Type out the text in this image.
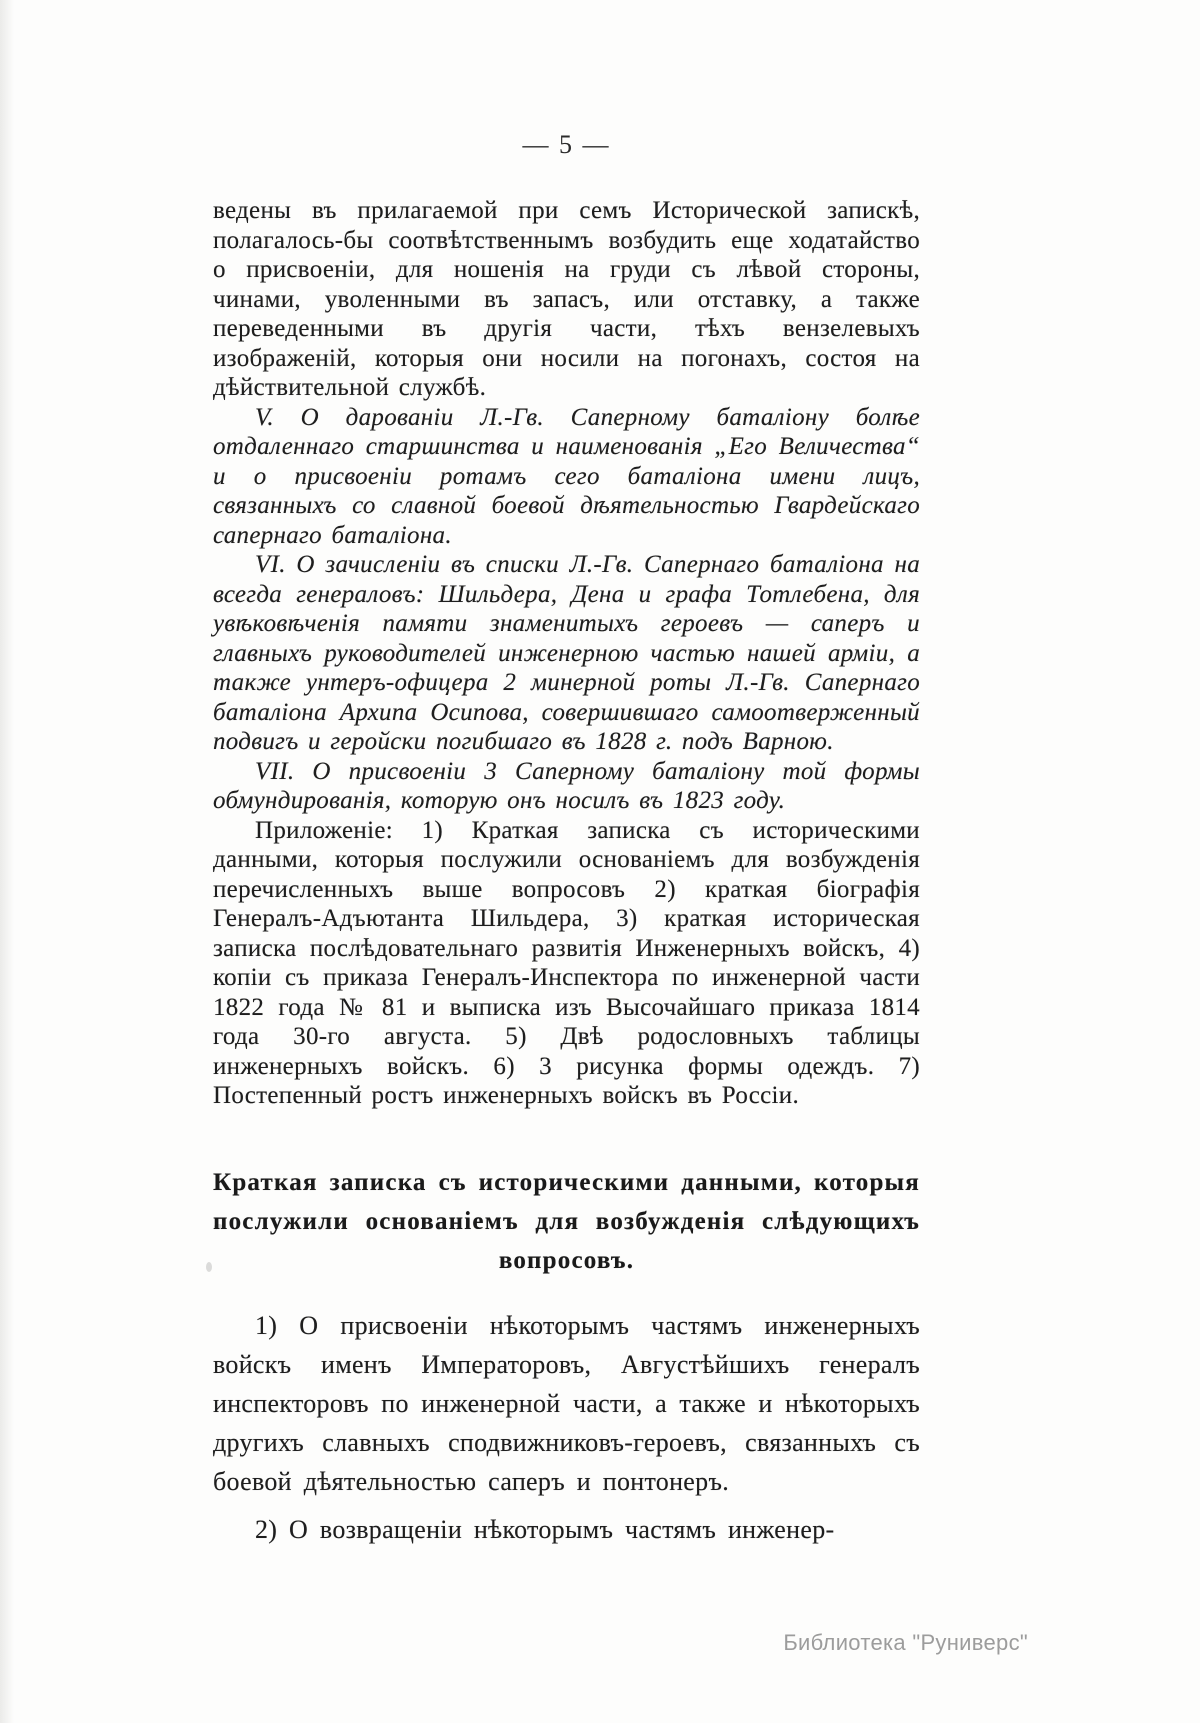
— 5 —

ведены въ прилагаемой при семъ Исторической запискѣ, полагалось-бы соотвѣтственнымъ возбудить еще ходатайство о присвоеніи, для ношенія на груди съ лѣвой стороны, чинами, уволенными въ запасъ, или отставку, а также переведенными въ другія части, тѣхъ вензелевыхъ изображеній, которыя они носили на погонахъ, состоя на дѣйствительной службѣ.

V. О дарованіи Л.-Гв. Саперному баталіону болѣе отдаленнаго старшинства и наименованія „Его Величества“ и о присвоеніи ротамъ сего баталіона имени лицъ, связанныхъ со славной боевой дѣятельностью Гвардейскаго сапернаго баталіона.

VI. О зачисленіи въ списки Л.-Гв. Сапернаго баталіона на всегда генераловъ: Шильдера, Дена и графа Тотлебена, для увѣковѣченія памяти знаменитыхъ героевъ — саперъ и главныхъ руководителей инженерною частью нашей арміи, а также унтеръ-офицера 2 минерной роты Л.-Гв. Сапернаго баталіона Архипа Осипова, совершившаго самоотверженный подвигъ и геройски погибшаго въ 1828 г. подъ Варною.

VII. О присвоеніи 3 Саперному баталіону той формы обмундированія, которую онъ носилъ въ 1823 году.

Приложеніе: 1) Краткая записка съ историческими данными, которыя послужили основаніемъ для возбужденія перечисленныхъ выше вопросовъ 2) краткая біографія Генералъ-Адъютанта Шильдера, 3) краткая историческая записка послѣдовательнаго развитія Инженерныхъ войскъ, 4) копіи съ приказа Генералъ-Инспектора по инженерной части 1822 года № 81 и выписка изъ Высочайшаго приказа 1814 года 30-го августа. 5) Двѣ родословныхъ таблицы инженерныхъ войскъ. 6) 3 рисунка формы одеждъ. 7) Постепенный ростъ инженерныхъ войскъ въ Россіи.

Краткая записка съ историческими данными, которыя послужили основаніемъ для возбужденія слѣдующихъ вопросовъ.

1) О присвоеніи нѣкоторымъ частямъ инженерныхъ войскъ именъ Императоровъ, Августѣйшихъ генералъ инспекторовъ по инженерной части, а также и нѣкоторыхъ другихъ славныхъ сподвижниковъ-героевъ, связанныхъ съ боевой дѣятельностью саперъ и понтонеръ.

2) О возвращеніи нѣкоторымъ частямъ инженер-

Библиотека "Руниверс"
